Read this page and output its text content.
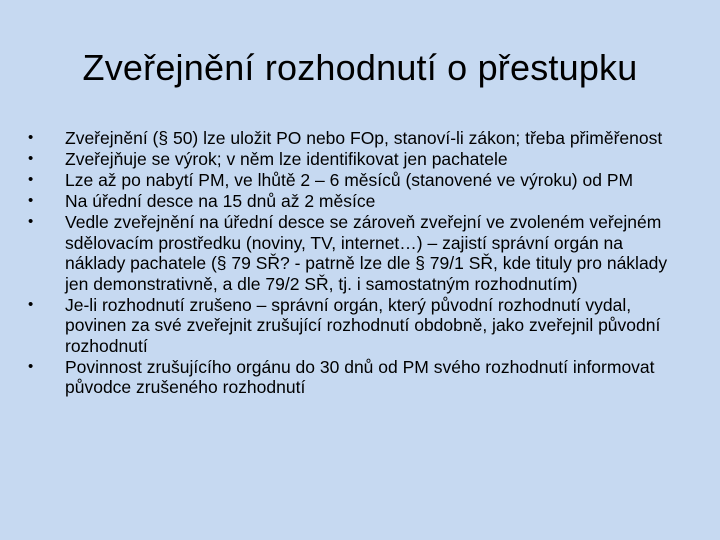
Zveřejnění rozhodnutí o přestupku
•	Zveřejnění (§ 50) lze uložit PO nebo FOp, stanoví-li zákon; třeba přiměřenost
•	Zveřejňuje se výrok; v něm lze identifikovat jen pachatele
•	Lze až po nabytí PM, ve lhůtě 2 – 6 měsíců (stanovené ve výroku) od PM
•	Na úřední desce na 15 dnů až 2 měsíce
•	Vedle zveřejnění na úřední desce se zároveň zveřejní ve zvoleném veřejném sdělovacím prostředku (noviny, TV, internet…) – zajistí správní orgán na náklady pachatele (§ 79 SŘ? - patrně lze dle § 79/1 SŘ, kde tituly pro náklady jen demonstrativně, a dle 79/2 SŘ, tj. i samostatným rozhodnutím)
•	Je-li rozhodnutí zrušeno – správní orgán, který původní rozhodnutí vydal, povinen za své zveřejnit zrušující rozhodnutí obdobně, jako zveřejnil původní rozhodnutí
•	Povinnost zrušujícího orgánu do 30 dnů od PM svého rozhodnutí informovat původce zrušeného rozhodnutí
